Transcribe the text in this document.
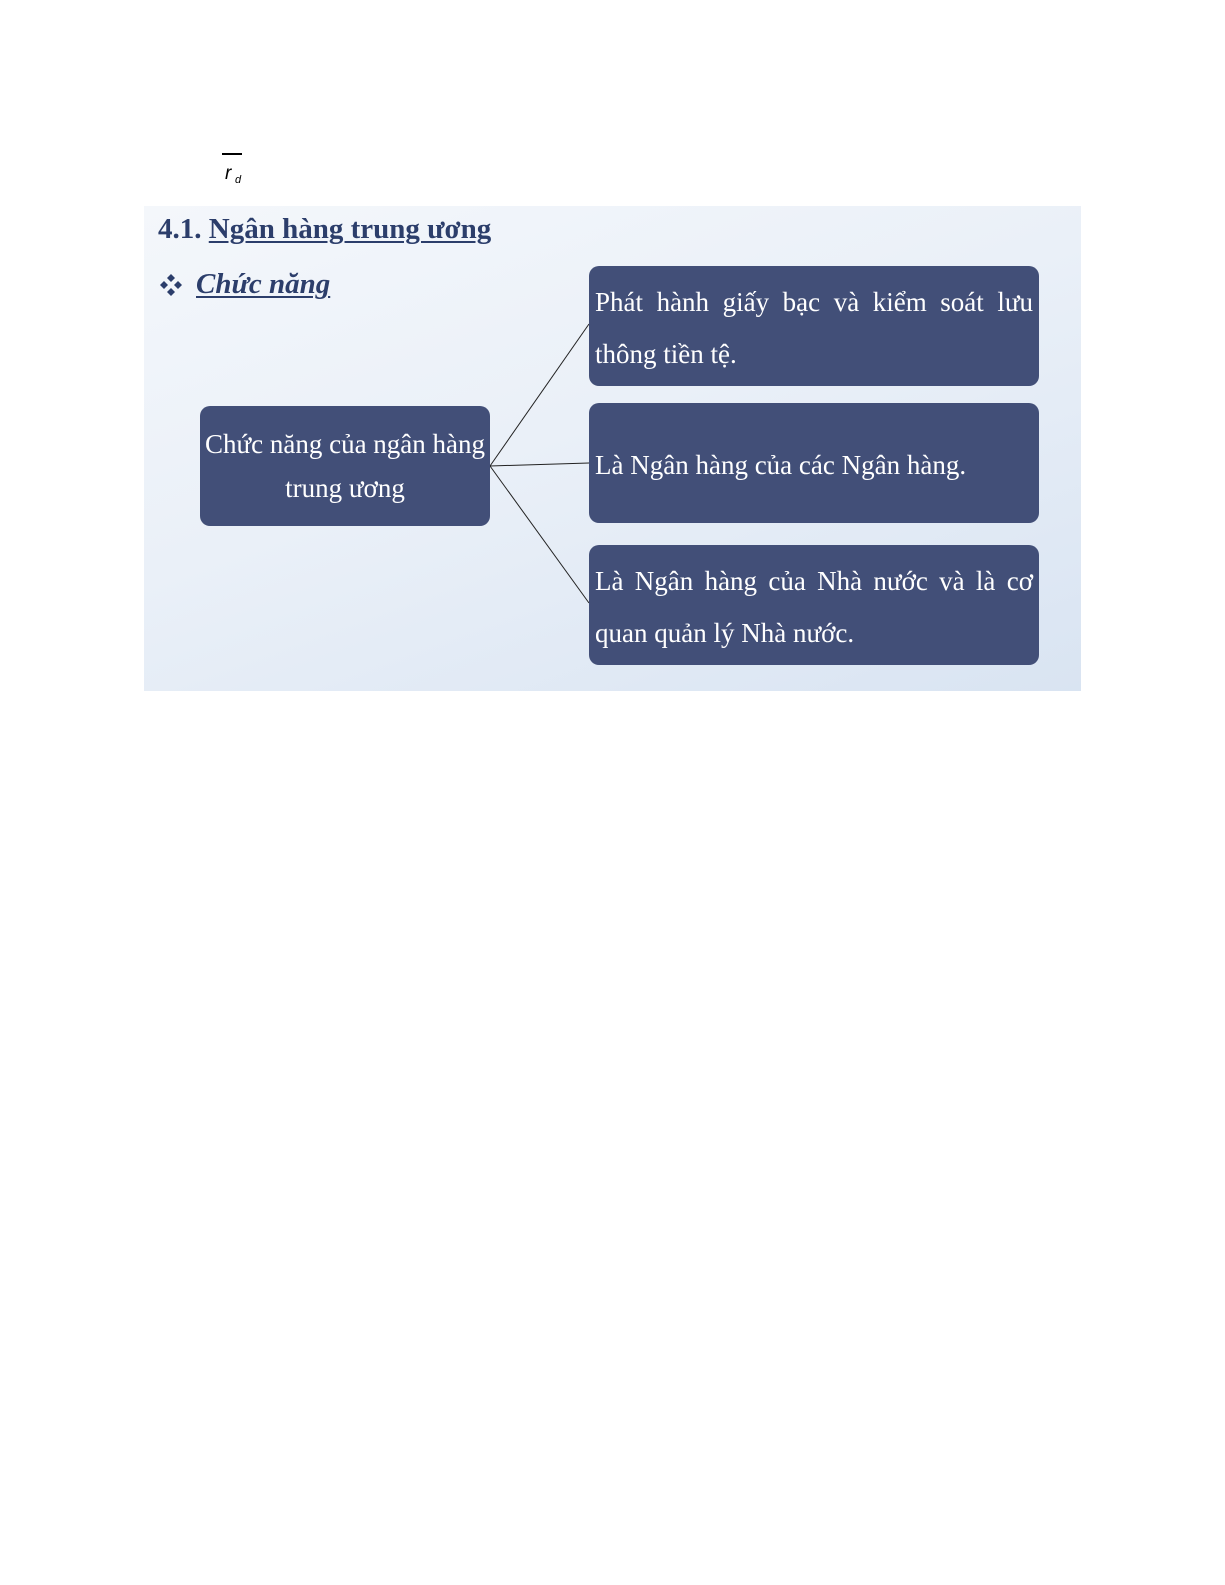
r d
4.1. Ngân hàng trung ương
Chức năng
Chức năng của ngân hàng trung ương
Phát hành giấy bạc và kiểm soát lưu thông tiền tệ.
Là Ngân hàng của các Ngân hàng.
Là Ngân hàng của Nhà nước và là cơ quan quản lý Nhà nước.
